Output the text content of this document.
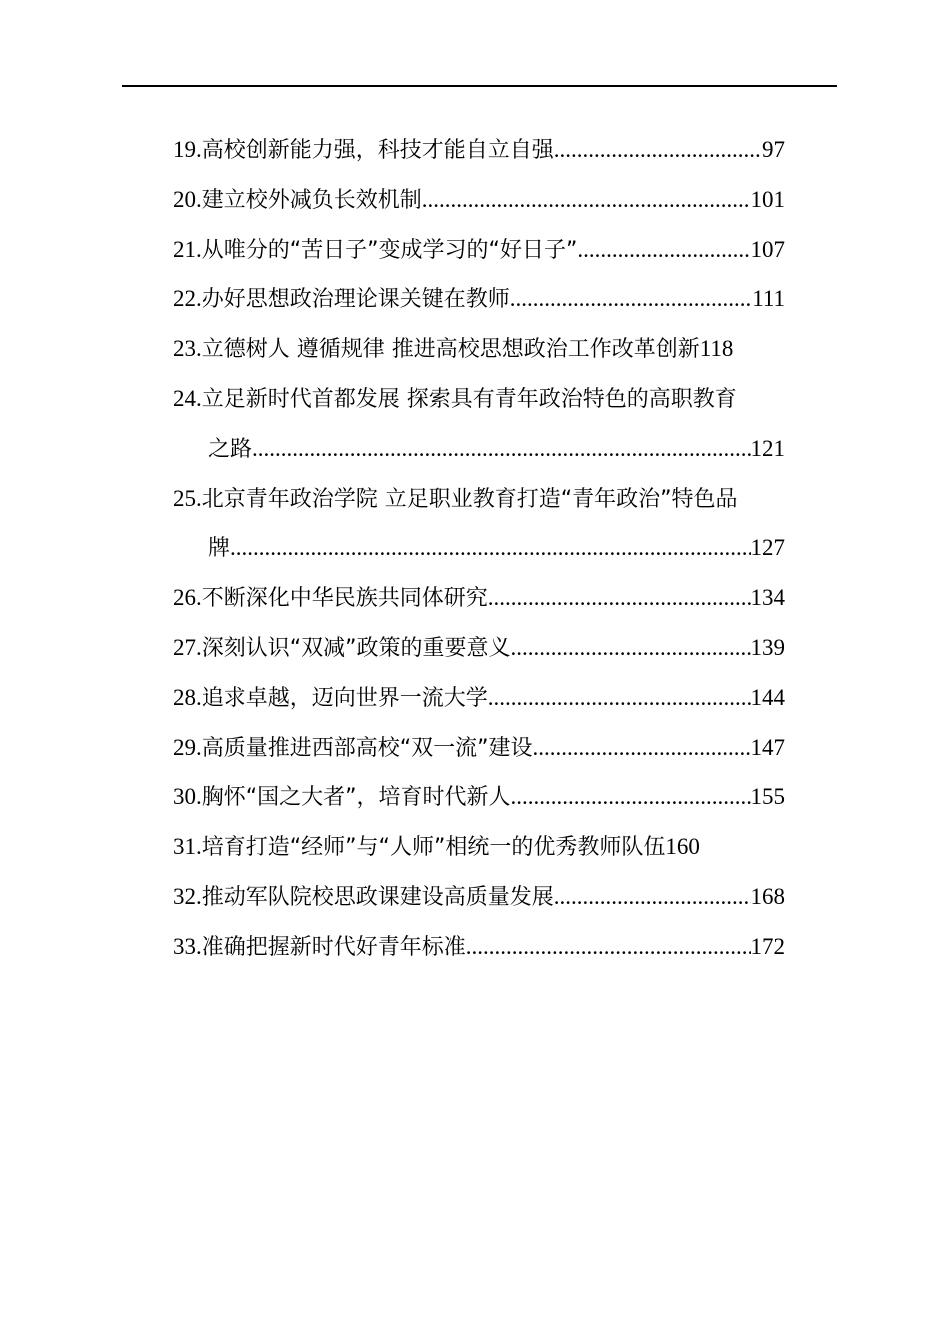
19. 高校创新能力强，科技才能自立自强 .....	97
20. 建立校外减负长效机制 .....	101
21. 从唯分的“苦日子”变成学习的“好日子” .....	107
22. 办好思想政治理论课关键在教师 .....	111
23. 立德树人 遵循规律 推进高校思想政治工作改革创新 118
24. 立足新时代首都发展 探索具有青年政治特色的高职教育
之路 .....	121
25. 北京青年政治学院 立足职业教育打造“青年政治”特色品
牌 .....	127
26. 不断深化中华民族共同体研究 .....	134
27. 深刻认识“双减”政策的重要意义 .....	139
28. 追求卓越，迈向世界一流大学 .....	144
29. 高质量推进西部高校“双一流”建设 .....	147
30. 胸怀“国之大者”，培育时代新人 .....	155
31. 培育打造“经师”与“人师”相统一的优秀教师队伍 160
32. 推动军队院校思政课建设高质量发展 .....	168
33. 准确把握新时代好青年标准 .....	172
